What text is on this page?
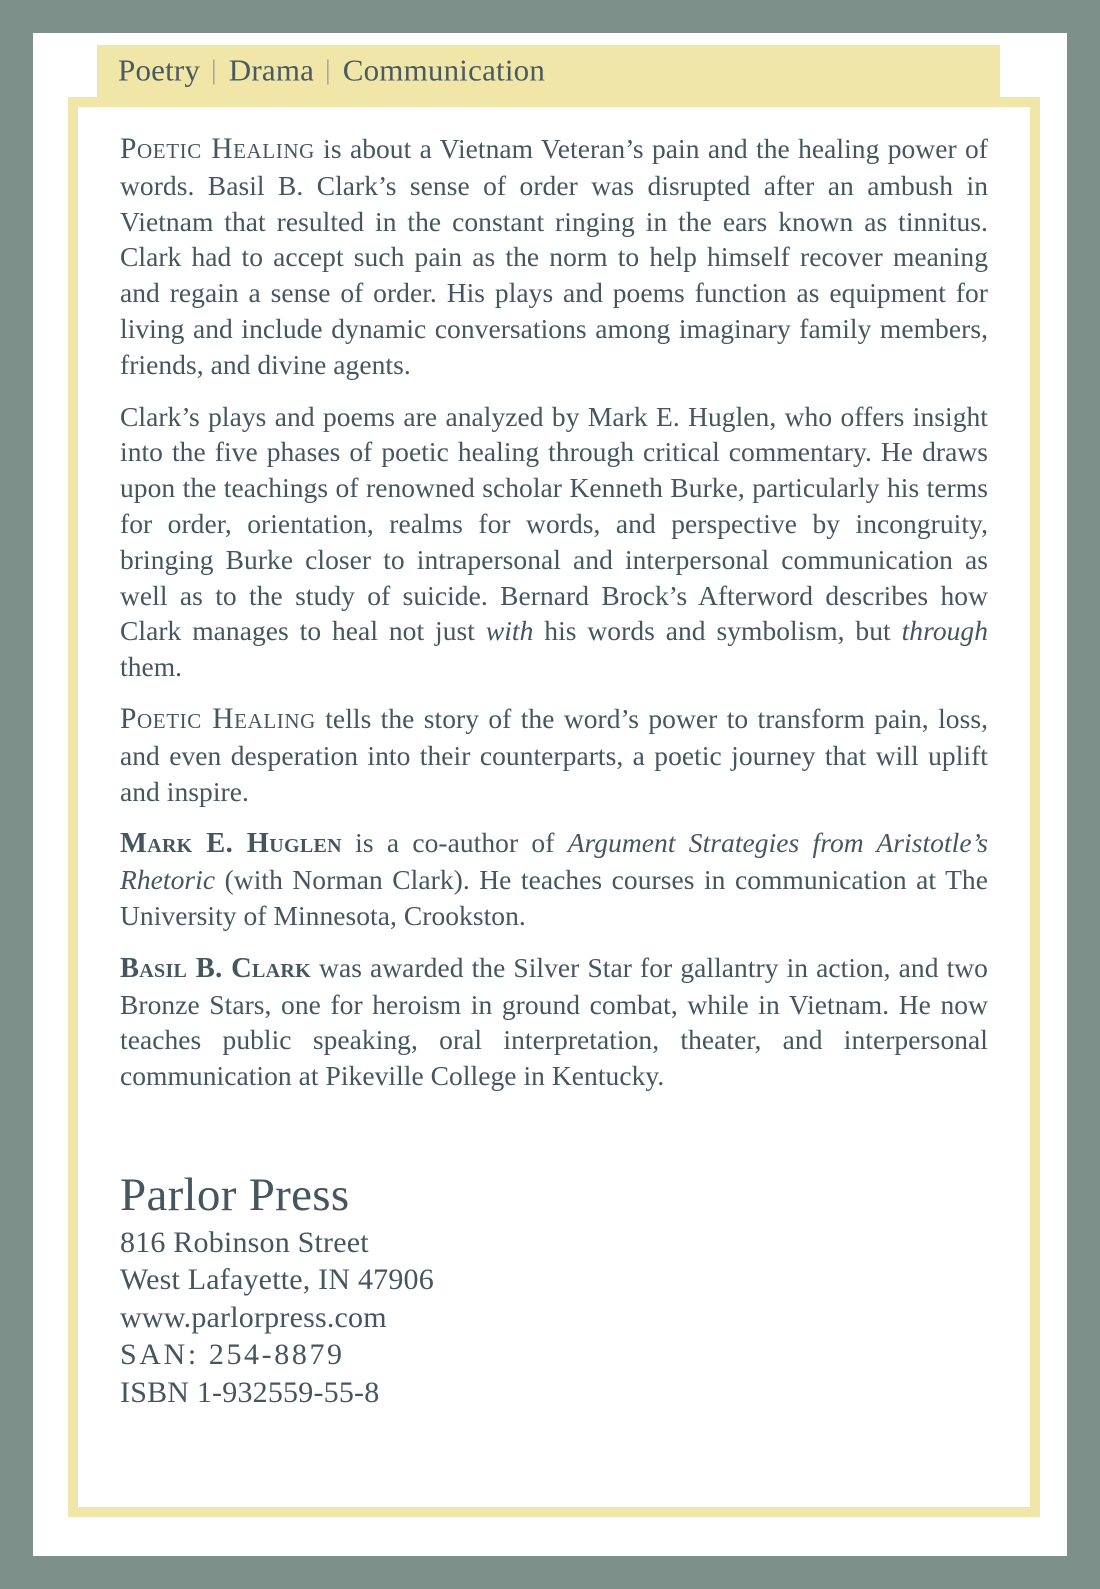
Poetry | Drama | Communication

Poetic Healing is about a Vietnam Veteran’s pain and the healing power of words. Basil B. Clark’s sense of order was disrupted after an ambush in Vietnam that resulted in the constant ringing in the ears known as tinnitus. Clark had to accept such pain as the norm to help himself recover meaning and regain a sense of order. His plays and poems function as equipment for living and include dynamic conversations among imaginary family members, friends, and divine agents.

Clark’s plays and poems are analyzed by Mark E. Huglen, who offers insight into the five phases of poetic healing through critical commentary. He draws upon the teachings of renowned scholar Kenneth Burke, particularly his terms for order, orientation, realms for words, and perspective by incongruity, bringing Burke closer to intrapersonal and interpersonal communication as well as to the study of suicide. Bernard Brock’s Afterword describes how Clark manages to heal not just with his words and symbolism, but through them.

Poetic Healing tells the story of the word’s power to transform pain, loss, and even desperation into their counterparts, a poetic journey that will uplift and inspire.

Mark E. Huglen is a co-author of Argument Strategies from Aristotle’s Rhetoric (with Norman Clark). He teaches courses in communication at The University of Minnesota, Crookston.

Basil B. Clark was awarded the Silver Star for gallantry in action, and two Bronze Stars, one for heroism in ground combat, while in Vietnam. He now teaches public speaking, oral interpretation, theater, and interpersonal communication at Pikeville College in Kentucky.

Parlor Press
816 Robinson Street
West Lafayette, IN 47906
www.parlorpress.com
SAN: 254-8879
ISBN 1-932559-55-8
